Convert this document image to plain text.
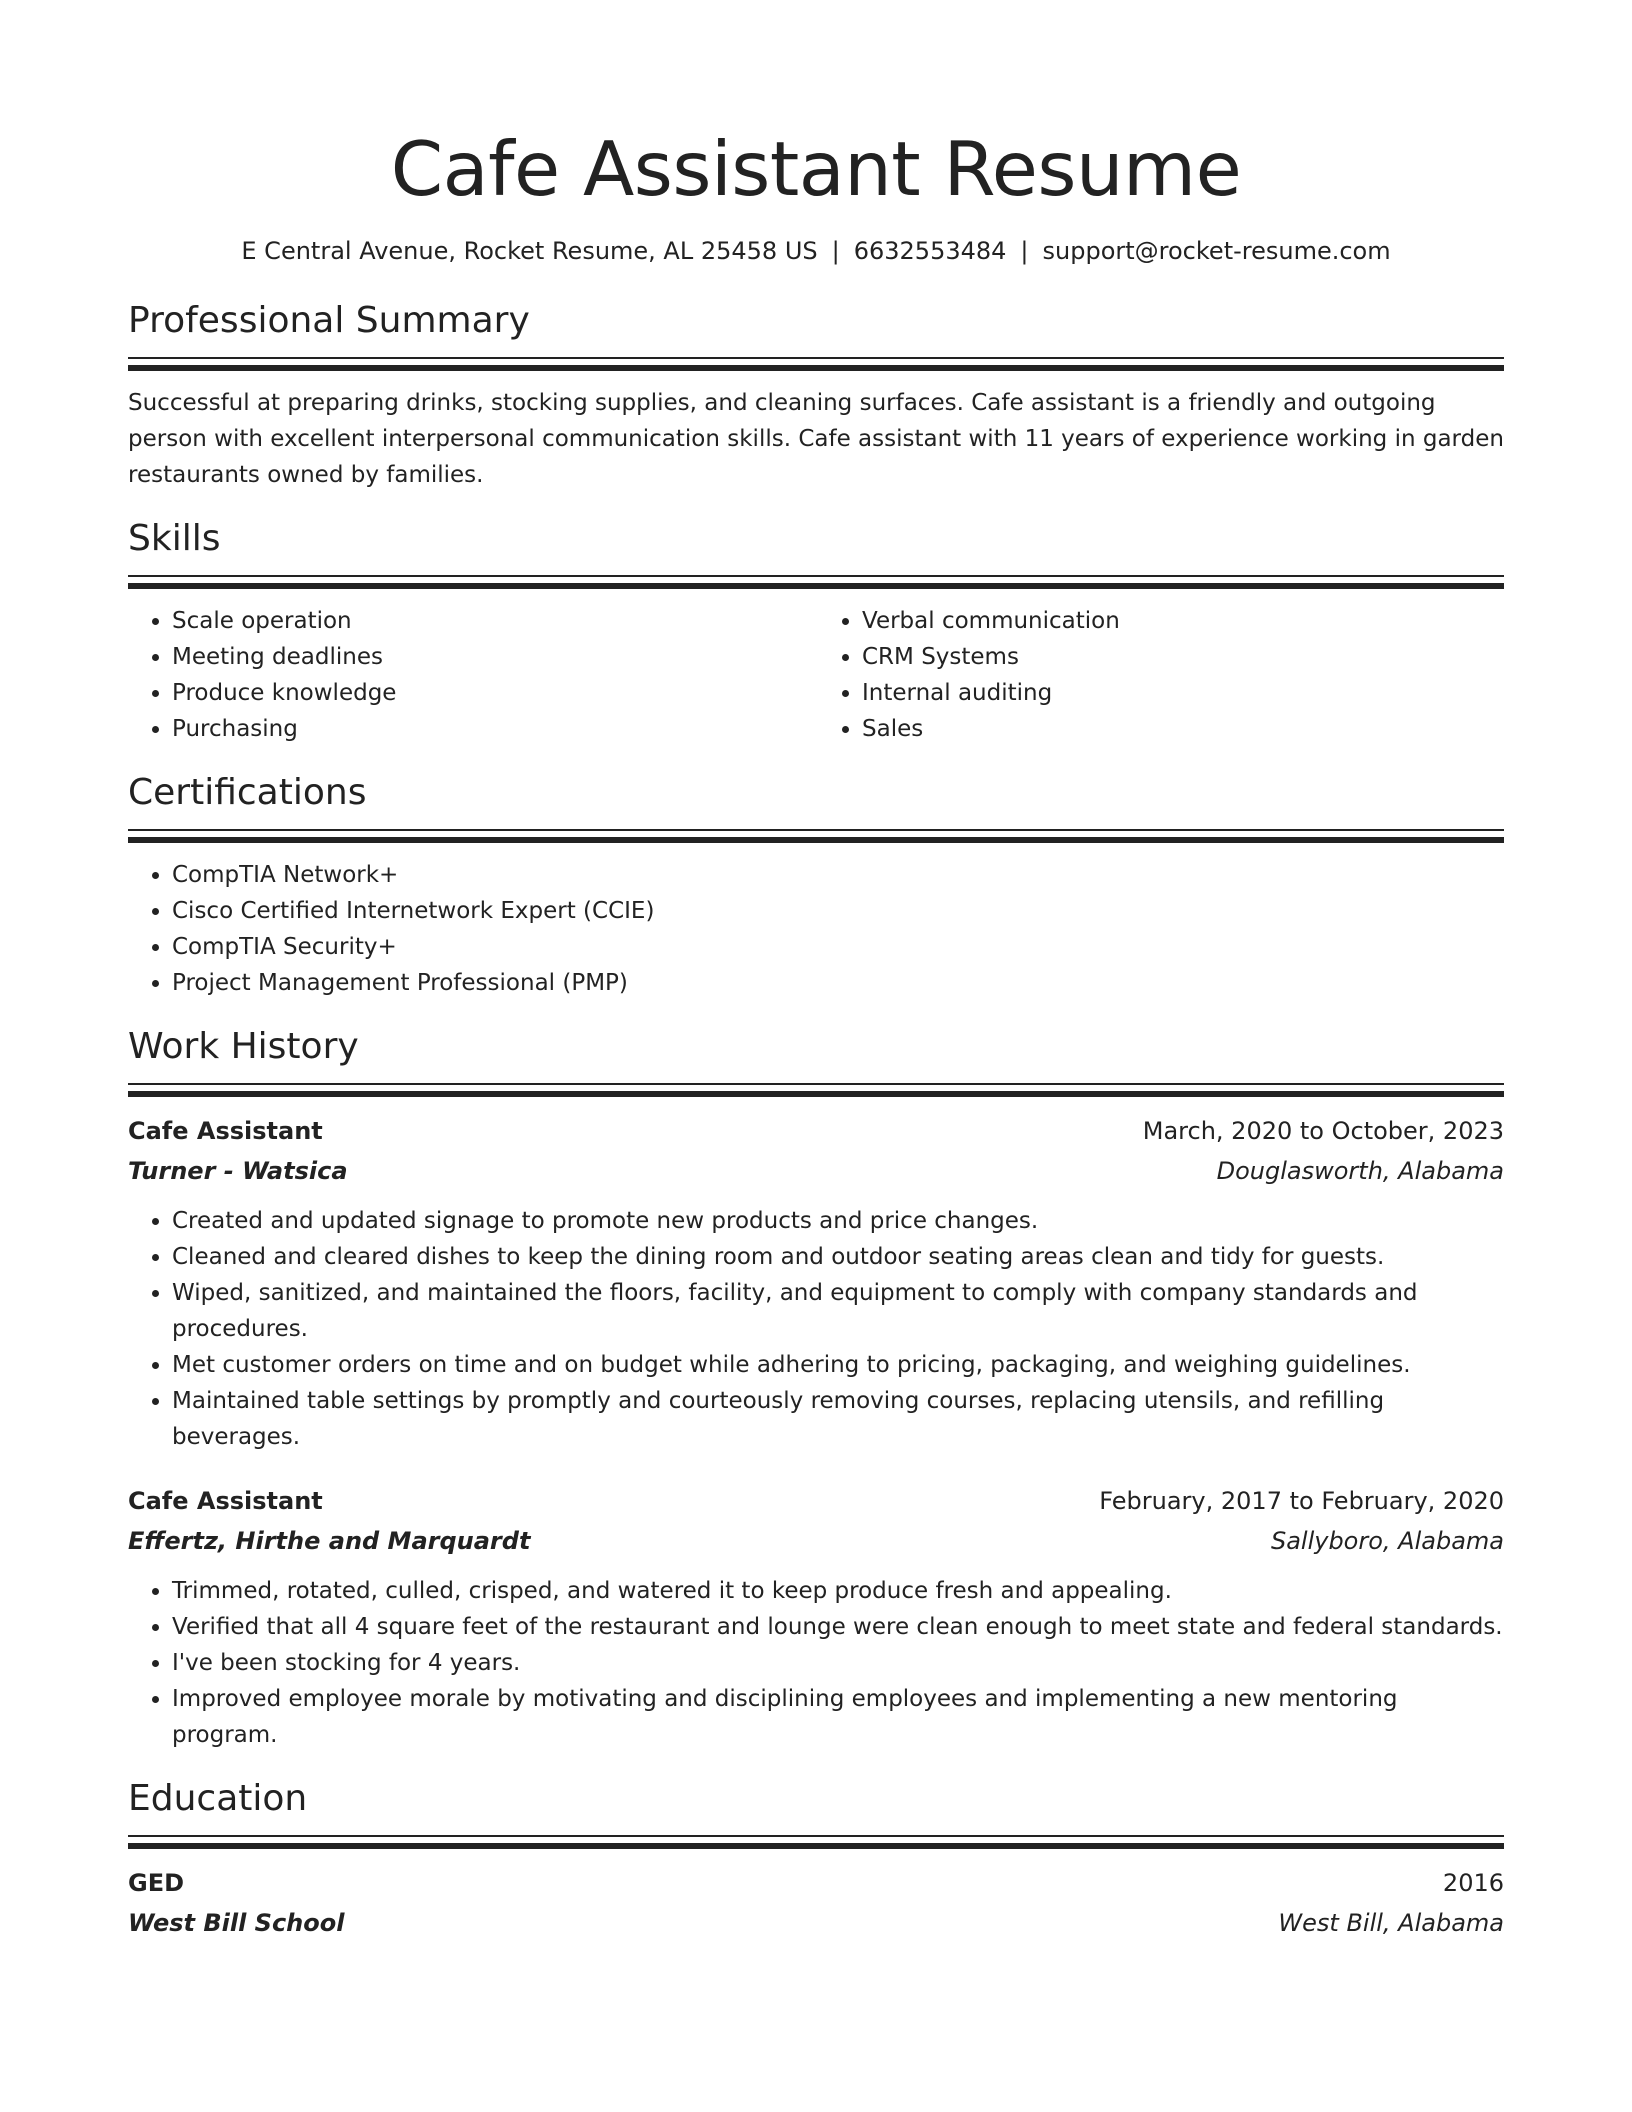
Cafe Assistant Resume
E Central Avenue, Rocket Resume, AL 25458 US | 6632553484 | support@rocket-resume.com
Professional Summary
Successful at preparing drinks, stocking supplies, and cleaning surfaces. Cafe assistant is a friendly and outgoing person with excellent interpersonal communication skills. Cafe assistant with 11 years of experience working in garden restaurants owned by families.
Skills
• Scale operation
• Meeting deadlines
• Produce knowledge
• Purchasing
• Verbal communication
• CRM Systems
• Internal auditing
• Sales
Certifications
• CompTIA Network+
• Cisco Certified Internetwork Expert (CCIE)
• CompTIA Security+
• Project Management Professional (PMP)
Work History
Cafe Assistant	March, 2020 to October, 2023
Turner - Watsica	Douglasworth, Alabama
• Created and updated signage to promote new products and price changes.
• Cleaned and cleared dishes to keep the dining room and outdoor seating areas clean and tidy for guests.
• Wiped, sanitized, and maintained the floors, facility, and equipment to comply with company standards and procedures.
• Met customer orders on time and on budget while adhering to pricing, packaging, and weighing guidelines.
• Maintained table settings by promptly and courteously removing courses, replacing utensils, and refilling beverages.
Cafe Assistant	February, 2017 to February, 2020
Effertz, Hirthe and Marquardt	Sallyboro, Alabama
• Trimmed, rotated, culled, crisped, and watered it to keep produce fresh and appealing.
• Verified that all 4 square feet of the restaurant and lounge were clean enough to meet state and federal standards.
• I've been stocking for 4 years.
• Improved employee morale by motivating and disciplining employees and implementing a new mentoring program.
Education
GED	2016
West Bill School	West Bill, Alabama
